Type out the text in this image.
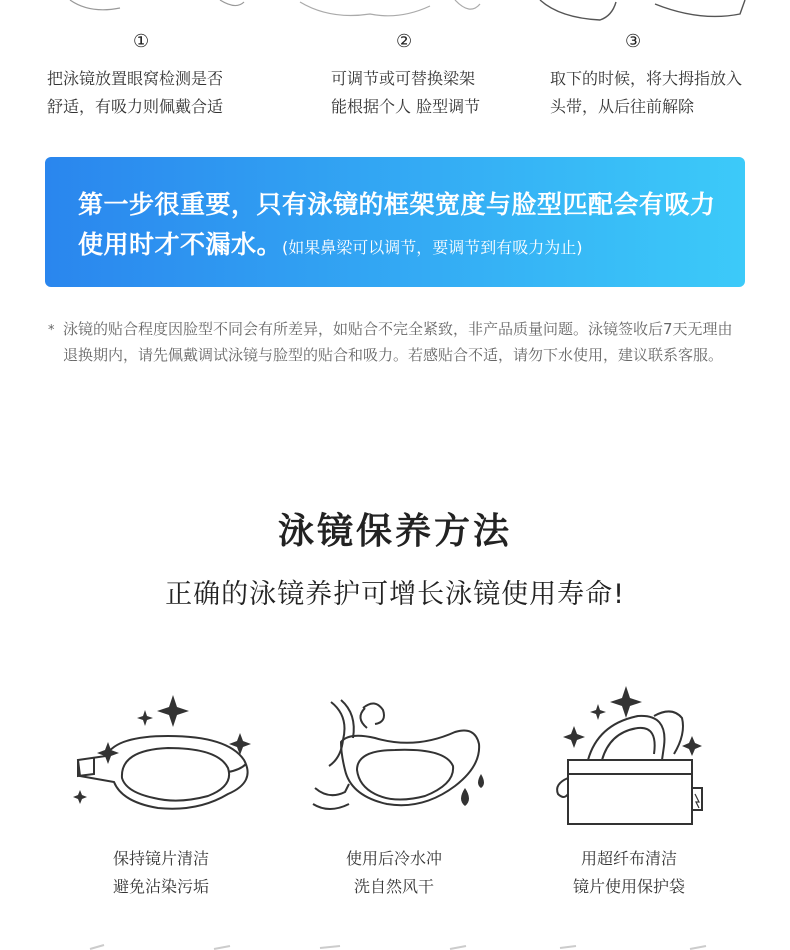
①	②	③
把泳镜放置眼窝检测是否
舒适，有吸力则佩戴合适
可调节或可替换梁架
能根据个人 脸型调节
取下的时候，将大拇指放入
头带，从后往前解除
第一步很重要，只有泳镜的框架宽度与脸型匹配会有吸力
使用时才不漏水。(如果鼻梁可以调节，要调节到有吸力为止)
* 泳镜的贴合程度因脸型不同会有所差异，如贴合不完全紧致，非产品质量问题。泳镜签收后7天无理由退换期内，请先佩戴调试泳镜与脸型的贴合和吸力。若感贴合不适，请勿下水使用，建议联系客服。
泳镜保养方法
正确的泳镜养护可增长泳镜使用寿命!
保持镜片清洁
避免沾染污垢
使用后冷水冲
洗自然风干
用超纤布清洁
镜片使用保护袋
